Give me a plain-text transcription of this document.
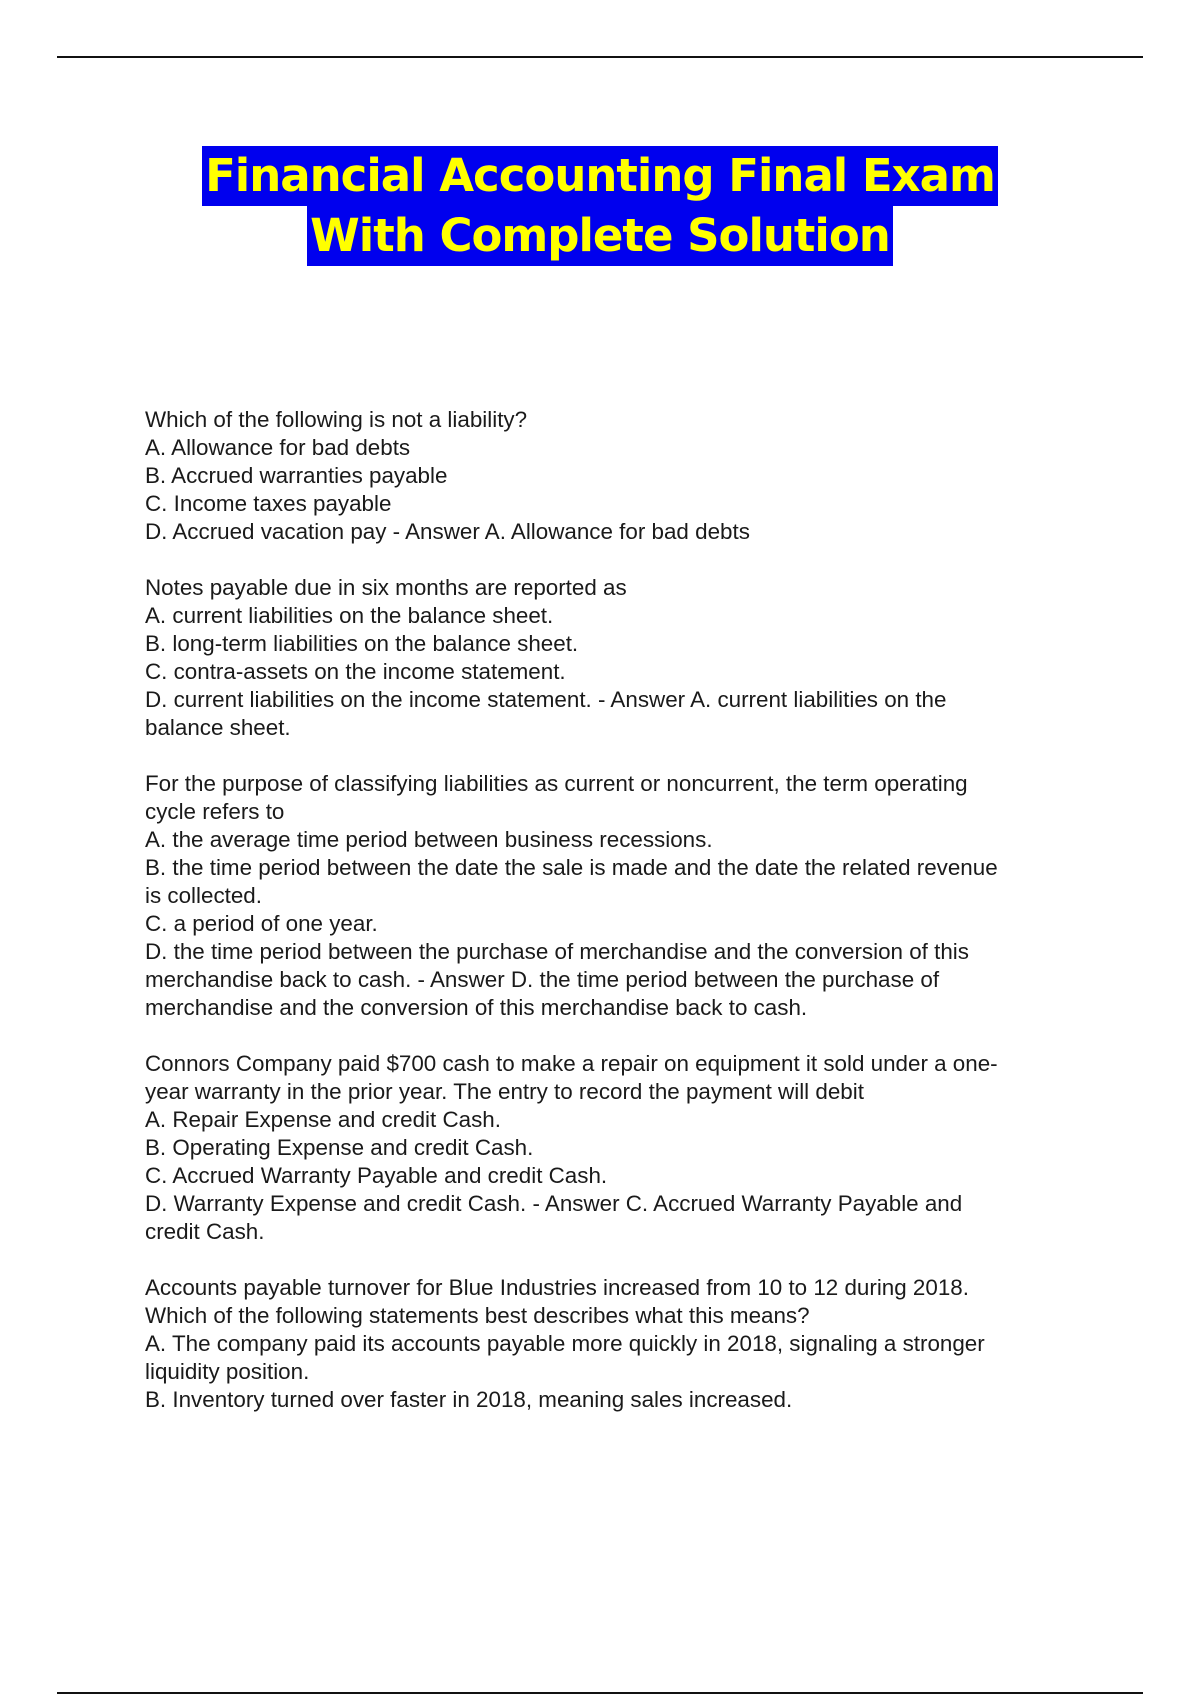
Financial Accounting Final Exam
With Complete Solution
Which of the following is not a liability?
A. Allowance for bad debts
B. Accrued warranties payable
C. Income taxes payable
D. Accrued vacation pay - Answer A. Allowance for bad debts
Notes payable due in six months are reported as
A. current liabilities on the balance sheet.
B. long-term liabilities on the balance sheet.
C. contra-assets on the income statement.
D. current liabilities on the income statement. - Answer A. current liabilities on the
balance sheet.
For the purpose of classifying liabilities as current or noncurrent, the term operating
cycle refers to
A. the average time period between business recessions.
B. the time period between the date the sale is made and the date the related revenue
is collected.
C. a period of one year.
D. the time period between the purchase of merchandise and the conversion of this
merchandise back to cash. - Answer D. the time period between the purchase of
merchandise and the conversion of this merchandise back to cash.
Connors Company paid $700 cash to make a repair on equipment it sold under a one-
year warranty in the prior year. The entry to record the payment will debit
A. Repair Expense and credit Cash.
B. Operating Expense and credit Cash.
C. Accrued Warranty Payable and credit Cash.
D. Warranty Expense and credit Cash. - Answer C. Accrued Warranty Payable and
credit Cash.
Accounts payable turnover for Blue Industries increased from 10 to 12 during 2018.
Which of the following statements best describes what this means?
A. The company paid its accounts payable more quickly in 2018, signaling a stronger
liquidity position.
B. Inventory turned over faster in 2018, meaning sales increased.
